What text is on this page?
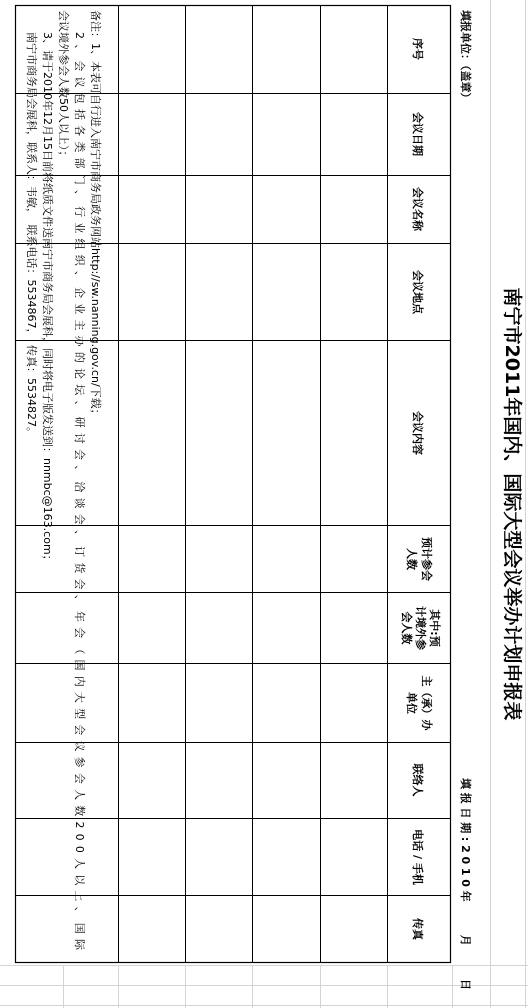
南宁市2011年国内、国际大型会议举办计划申报表
填报单位：（盖章）
填报日期:2010年　　月　　日
序号
会议日期
会议名称
会议地点
会议内容
预计参会
人数
其中:预
计境外参
会人数
主（承）办
单位
联络人
电话 / 手机
传真
备注：1、本表可自行进入南宁市商务局政务网站http://sw.nanning.gov.cn/下载；
2、会议包括各类部门、行业组织、企业主办的论坛、研讨会、洽谈会、订货会、年会（国内大型会议参会人数200人以上、国际
会议境外参会人数50人以上）；
3、请于2010年12月15日前将纸质文件送南宁市商务局会展科，同时将电子版发送到：nnmbc@163.com；
南宁市商务局会展科，联系人：韦敏，　联系电话：5534867，　传真：5534827。
